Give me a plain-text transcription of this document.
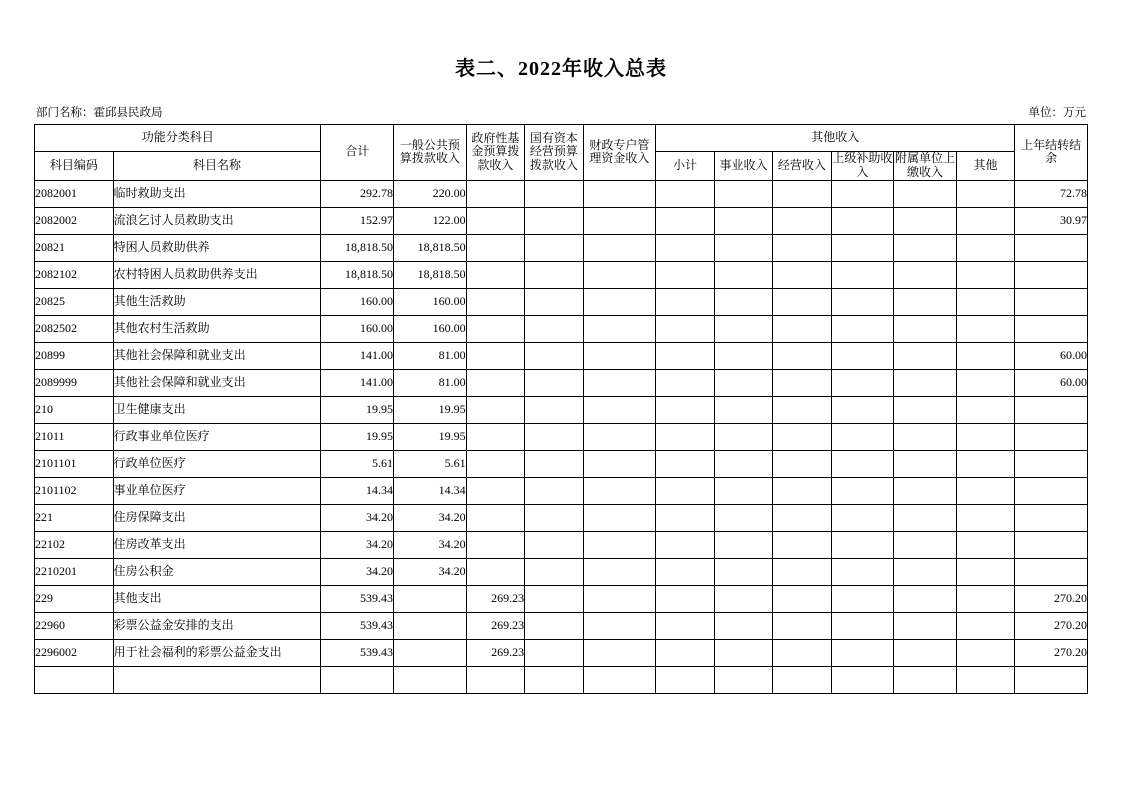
表二、2022年收入总表
部门名称：霍邱县民政局	单位：万元
功能分类科目		合计	一般公共预算拨款收入	政府性基金预算拨款收入	国有资本经营预算拨款收入	财政专户管理资金收入	其他收入						上年结转结余
科目编码	科目名称						小计	事业收入	经营收入	上级补助收入	附属单位上缴收入	其他	
2082001	临时救助支出	292.78	220.00										72.78
2082002	流浪乞讨人员救助支出	152.97	122.00										30.97
20821	特困人员救助供养	18,818.50	18,818.50										
2082102	农村特困人员救助供养支出	18,818.50	18,818.50										
20825	其他生活救助	160.00	160.00										
2082502	其他农村生活救助	160.00	160.00										
20899	其他社会保障和就业支出	141.00	81.00										60.00
2089999	其他社会保障和就业支出	141.00	81.00										60.00
210	卫生健康支出	19.95	19.95										
21011	行政事业单位医疗	19.95	19.95										
2101101	行政单位医疗	5.61	5.61										
2101102	事业单位医疗	14.34	14.34										
221	住房保障支出	34.20	34.20										
22102	住房改革支出	34.20	34.20										
2210201	住房公积金	34.20	34.20										
229	其他支出	539.43		269.23									270.20
22960	彩票公益金安排的支出	539.43		269.23									270.20
2296002	用于社会福利的彩票公益金支出	539.43		269.23									270.20
